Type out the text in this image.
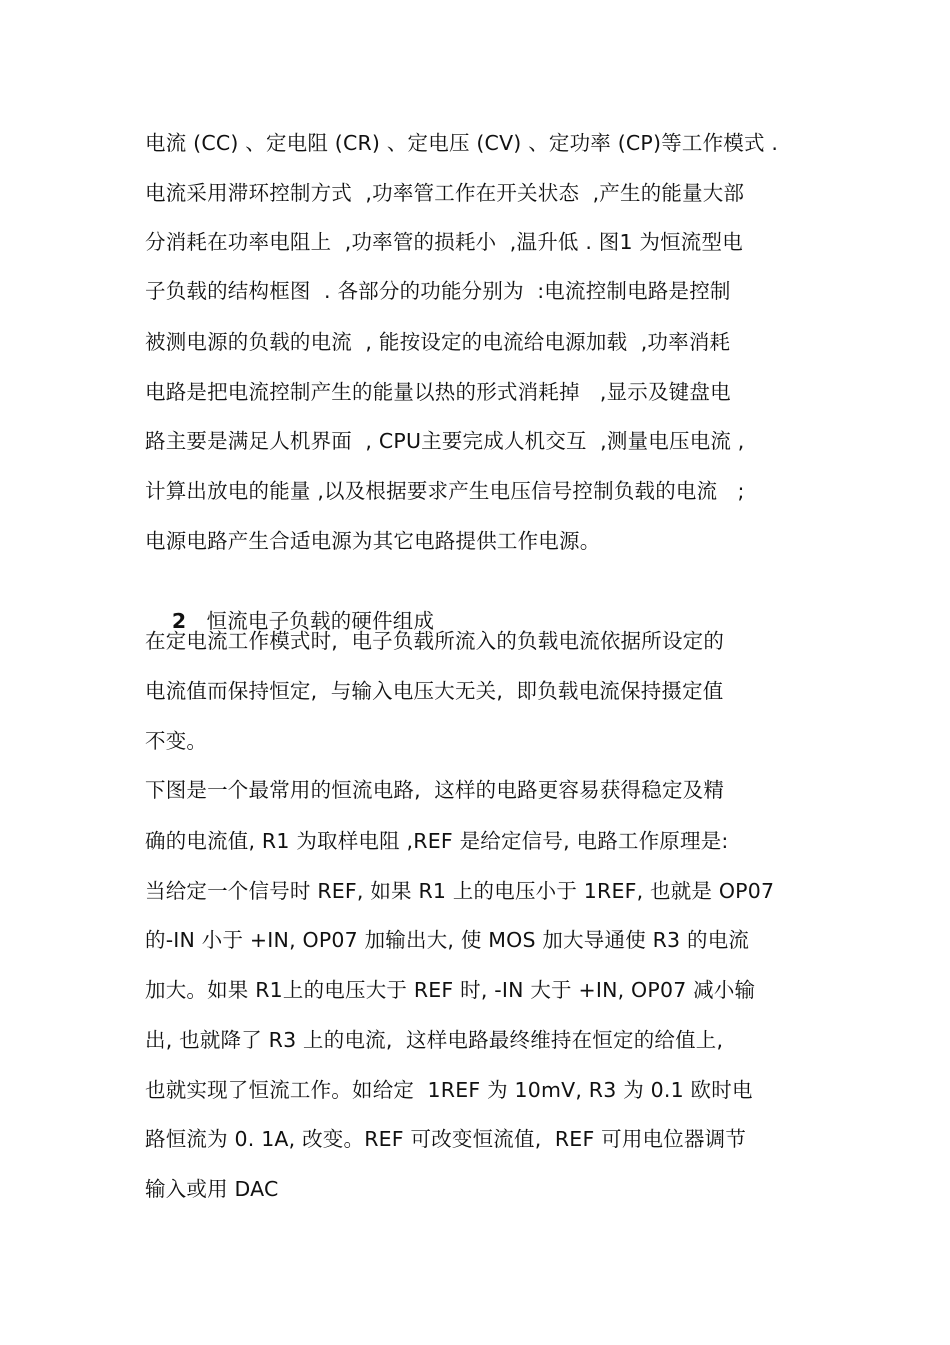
电流 (CC) 、定电阻 (CR) 、定电压 (CV) 、定功率 (CP)等工作模式 .
电流采用滞环控制方式  ,功率管工作在开关状态  ,产生的能量大部
分消耗在功率电阻上  ,功率管的损耗小  ,温升低 . 图1 为恒流型电
子负载的结构框图  . 各部分的功能分别为  :电流控制电路是控制
被测电源的负载的电流  , 能按设定的电流给电源加载  ,功率消耗
电路是把电流控制产生的能量以热的形式消耗掉   ,显示及键盘电
路主要是满足人机界面  , CPU主要完成人机交互  ,测量电压电流 ,
计算出放电的能量 ,以及根据要求产生电压信号控制负载的电流   ;
电源电路产生合适电源为其它电路提供工作电源。

2 恒流电子负载的硬件组成

在定电流工作模式时,  电子负载所流入的负载电流依据所设定的
电流值而保持恒定,  与输入电压大无关,  即负载电流保持摄定值
不变。
下图是一个最常用的恒流电路,  这样的电路更容易获得稳定及精
确的电流值, R1 为取样电阻 ,REF 是给定信号, 电路工作原理是:
当给定一个信号时 REF, 如果 R1 上的电压小于 1REF, 也就是 OP07
的-IN 小于 +IN, OP07 加输出大, 使 MOS 加大导通使 R3 的电流
加大。如果 R1上的电压大于 REF 时, -IN 大于 +IN, OP07 减小输
出, 也就降了 R3 上的电流,  这样电路最终维持在恒定的给值上,
也就实现了恒流工作。如给定  1REF 为 10mV, R3 为 0.1 欧时电
路恒流为 0. 1A, 改变。REF 可改变恒流值,  REF 可用电位器调节
输入或用 DAC
